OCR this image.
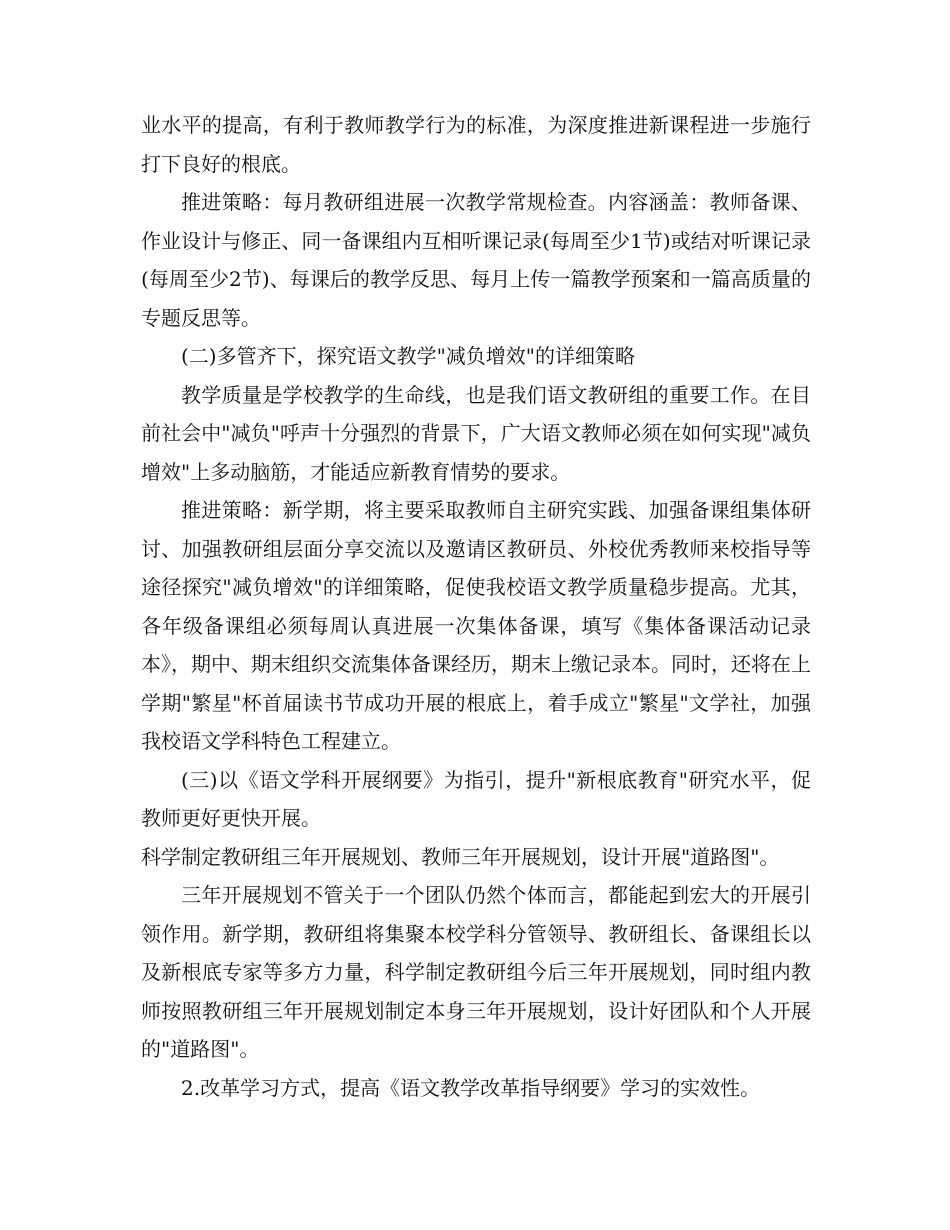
业水平的提高，有利于教师教学行为的标准，为深度推进新课程进一步施行打下良好的根底。

推进策略：每月教研组进展一次教学常规检查。内容涵盖：教师备课、作业设计与修正、同一备课组内互相听课记录(每周至少1节)或结对听课记录(每周至少2节)、每课后的教学反思、每月上传一篇教学预案和一篇高质量的专题反思等。

(二)多管齐下，探究语文教学"减负增效"的详细策略

教学质量是学校教学的生命线，也是我们语文教研组的重要工作。在目前社会中"减负"呼声十分强烈的背景下，广大语文教师必须在如何实现"减负增效"上多动脑筋，才能适应新教育情势的要求。

推进策略：新学期，将主要采取教师自主研究实践、加强备课组集体研讨、加强教研组层面分享交流以及邀请区教研员、外校优秀教师来校指导等途径探究"减负增效"的详细策略，促使我校语文教学质量稳步提高。尤其，各年级备课组必须每周认真进展一次集体备课，填写《集体备课活动记录本》，期中、期末组织交流集体备课经历，期末上缴记录本。同时，还将在上学期"繁星"杯首届读书节成功开展的根底上，着手成立"繁星"文学社，加强我校语文学科特色工程建立。

(三)以《语文学科开展纲要》为指引，提升"新根底教育"研究水平，促教师更好更快开展。

科学制定教研组三年开展规划、教师三年开展规划，设计开展"道路图"。

三年开展规划不管关于一个团队仍然个体而言，都能起到宏大的开展引领作用。新学期，教研组将集聚本校学科分管领导、教研组长、备课组长以及新根底专家等多方力量，科学制定教研组今后三年开展规划，同时组内教师按照教研组三年开展规划制定本身三年开展规划，设计好团队和个人开展的"道路图"。

2.改革学习方式，提高《语文教学改革指导纲要》学习的实效性。
